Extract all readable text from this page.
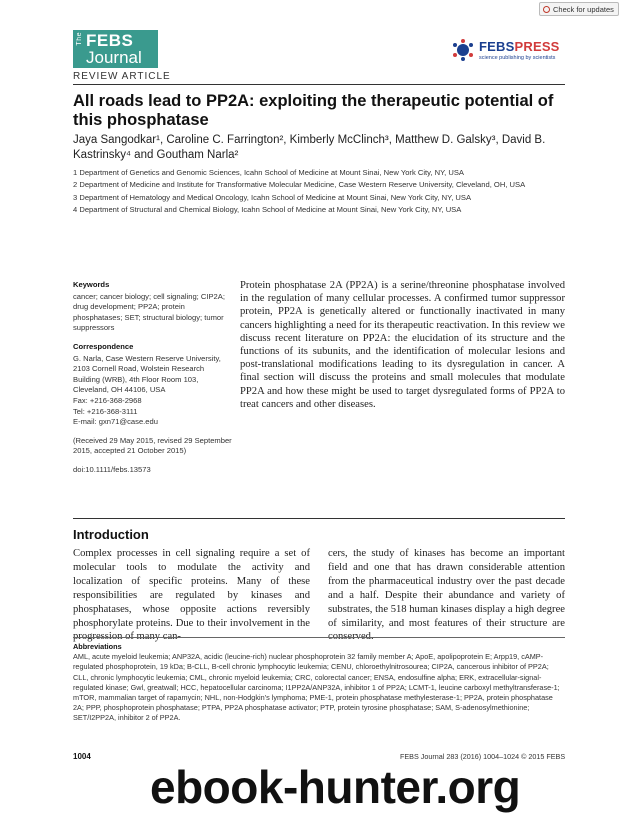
Check for updates
The FEBS
Journal
FEBSPRESS
science publishing by scientists
REVIEW ARTICLE
All roads lead to PP2A: exploiting the therapeutic potential of this phosphatase
Jaya Sangodkar¹, Caroline C. Farrington², Kimberly McClinch³, Matthew D. Galsky³, David B. Kastrinsky⁴ and Goutham Narla²
1 Department of Genetics and Genomic Sciences, Icahn School of Medicine at Mount Sinai, New York City, NY, USA
2 Department of Medicine and Institute for Transformative Molecular Medicine, Case Western Reserve University, Cleveland, OH, USA
3 Department of Hematology and Medical Oncology, Icahn School of Medicine at Mount Sinai, New York City, NY, USA
4 Department of Structural and Chemical Biology, Icahn School of Medicine at Mount Sinai, New York City, NY, USA
Keywords
cancer; cancer biology; cell signaling; CIP2A; drug development; PP2A; protein phosphatases; SET; structural biology; tumor suppressors
Correspondence
G. Narla, Case Western Reserve University,
2103 Cornell Road, Wolstein Research
Building (WRB), 4th Floor Room 103,
Cleveland, OH 44106, USA
Fax: +216-368-2968
Tel: +216-368-3111
E-mail: gxn71@case.edu
(Received 29 May 2015, revised 29 September 2015, accepted 21 October 2015)
doi:10.1111/febs.13573
Protein phosphatase 2A (PP2A) is a serine/threonine phosphatase involved in the regulation of many cellular processes. A confirmed tumor suppressor protein, PP2A is genetically altered or functionally inactivated in many cancers highlighting a need for its therapeutic reactivation. In this review we discuss recent literature on PP2A: the elucidation of its structure and the functions of its subunits, and the identification of molecular lesions and post-translational modifications leading to its dysregulation in cancer. A final section will discuss the proteins and small molecules that modulate PP2A and how these might be used to target dysregulated forms of PP2A to treat cancers and other diseases.
Introduction
Complex processes in cell signaling require a set of molecular tools to modulate the activity and localization of specific proteins. Many of these responsibilities are regulated by kinases and phosphatases, whose opposite actions reversibly phosphorylate proteins. Due to their involvement in the progression of many can-
cers, the study of kinases has become an important field and one that has drawn considerable attention from the pharmaceutical industry over the past decade and a half. Despite their abundance and variety of substrates, the 518 human kinases display a high degree of similarity, and most features of their structure are conserved.
Abbreviations
AML, acute myeloid leukemia; ANP32A, acidic (leucine-rich) nuclear phosphoprotein 32 family member A; ApoE, apolipoprotein E; Arpp19, cAMP-regulated phosphoprotein, 19 kDa; B-CLL, B-cell chronic lymphocytic leukemia; CENU, chloroethylnitrosourea; CIP2A, cancerous inhibitor of PP2A; CLL, chronic lymphocytic leukemia; CML, chronic myeloid leukemia; CRC, colorectal cancer; ENSA, endosulfine alpha; ERK, extracellular-signal-regulated kinase; Gwl, greatwall; HCC, hepatocellular carcinoma; I1PP2A/ANP32A, inhibitor 1 of PP2A; LCMT-1, leucine carboxyl methyltransferase-1; mTOR, mammalian target of rapamycin; NHL, non-Hodgkin's lymphoma; PME-1, protein phosphatase methylesterase-1; PP2A, protein phosphatase 2A; PPP, phosphoprotein phosphatase; PTPA, PP2A phosphatase activator; PTP, protein tyrosine phosphatase; SAM, S-adenosylmethionine; SET/I2PP2A, inhibitor 2 of PP2A.
1004	FEBS Journal 283 (2016) 1004–1024 © 2015 FEBS
ebook-hunter.org
